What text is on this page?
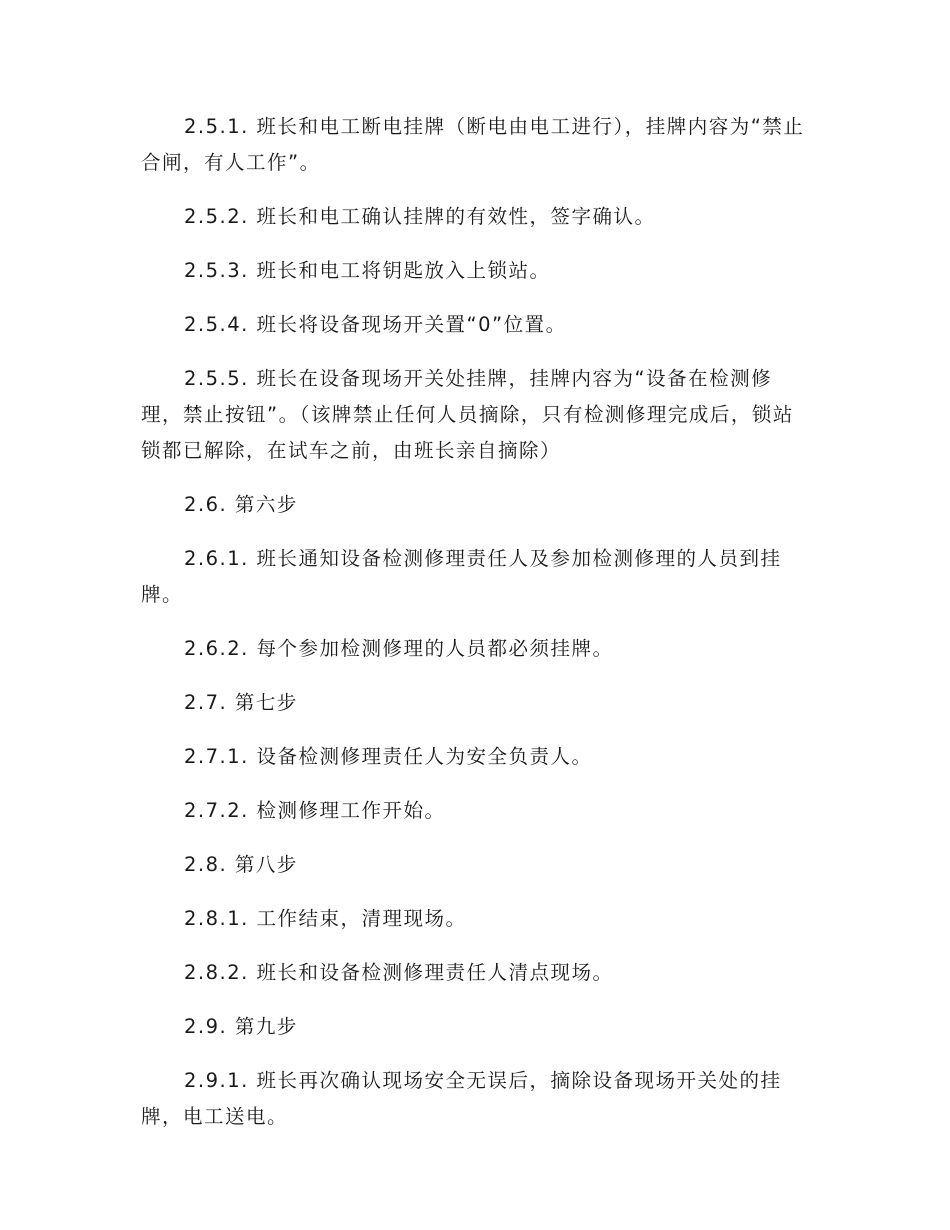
2.5.1. 班长和电工断电挂牌（断电由电工进行），挂牌内容为“禁止合闸，有人工作”。

2.5.2. 班长和电工确认挂牌的有效性，签字确认。

2.5.3. 班长和电工将钥匙放入上锁站。

2.5.4. 班长将设备现场开关置“0”位置。

2.5.5. 班长在设备现场开关处挂牌，挂牌内容为“设备在检测修理，禁止按钮”。（该牌禁止任何人员摘除，只有检测修理完成后，锁站锁都已解除，在试车之前，由班长亲自摘除）

2.6. 第六步

2.6.1. 班长通知设备检测修理责任人及参加检测修理的人员到挂牌。

2.6.2. 每个参加检测修理的人员都必须挂牌。

2.7. 第七步

2.7.1. 设备检测修理责任人为安全负责人。

2.7.2. 检测修理工作开始。

2.8. 第八步

2.8.1. 工作结束，清理现场。

2.8.2. 班长和设备检测修理责任人清点现场。

2.9. 第九步

2.9.1. 班长再次确认现场安全无误后，摘除设备现场开关处的挂牌，电工送电。
